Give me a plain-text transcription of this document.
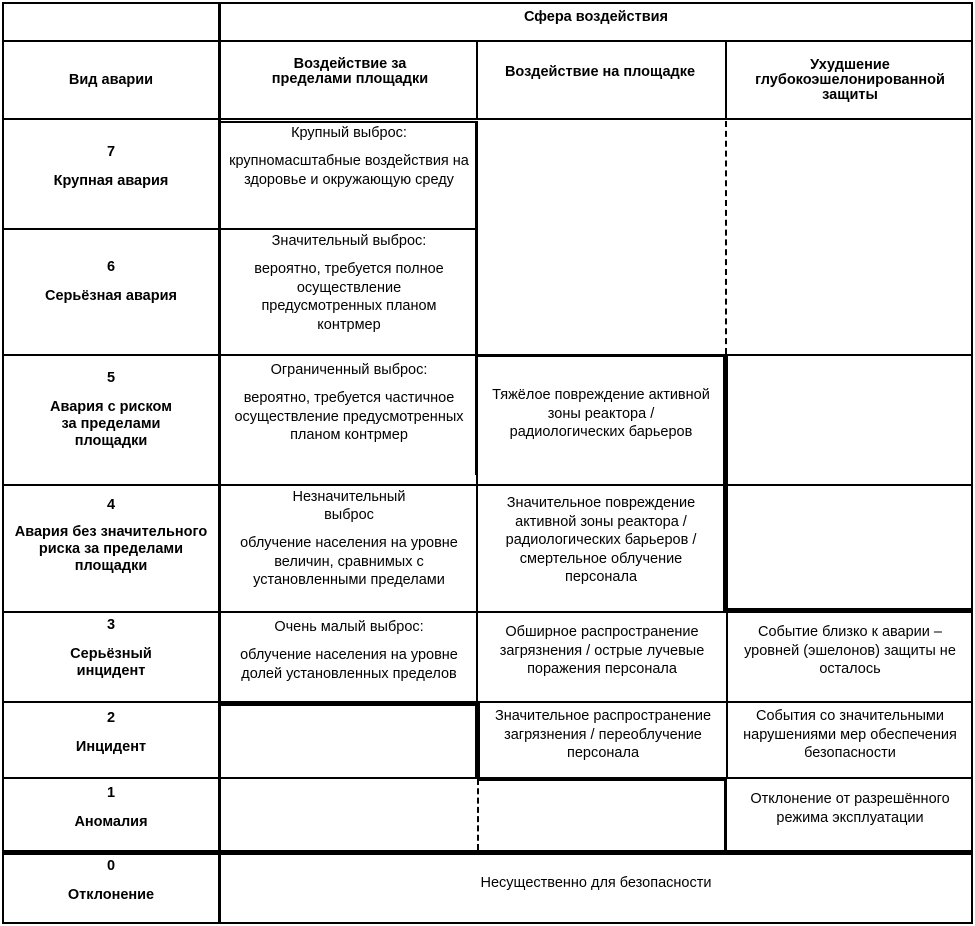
Сфера воздействия
Вид аварии
Воздействие за пределами площадки	Воздействие на площадке	Ухудшение глубокоэшелонированной защиты
7
Крупная авария
Крупный выброс:
крупномасштабные воздействия на здоровье и окружающую среду
6
Серьёзная авария
Значительный выброс:
вероятно, требуется полное осуществление предусмотренных планом контрмер
5
Авария с риском за пределами площадки
Ограниченный выброс:
вероятно, требуется частичное осуществление предусмотренных планом контрмер
Тяжёлое повреждение активной зоны реактора / радиологических барьеров
4
Авария без значительного риска за пределами площадки
Незначительный выброс
облучение населения на уровне величин, сравнимых с установленными пределами
Значительное повреждение активной зоны реактора / радиологических барьеров / смертельное облучение персонала
3
Серьёзный инцидент
Очень малый выброс:
облучение населения на уровне долей установленных пределов
Обширное распространение загрязнения / острые лучевые поражения персонала
Событие близко к аварии – уровней (эшелонов) защиты не осталось
2
Инцидент
Значительное распространение загрязнения / переоблучение персонала
События со значительными нарушениями мер обеспечения безопасности
1
Аномалия
Отклонение от разрешённого режима эксплуатации
0
Отклонение
Несущественно для безопасности
